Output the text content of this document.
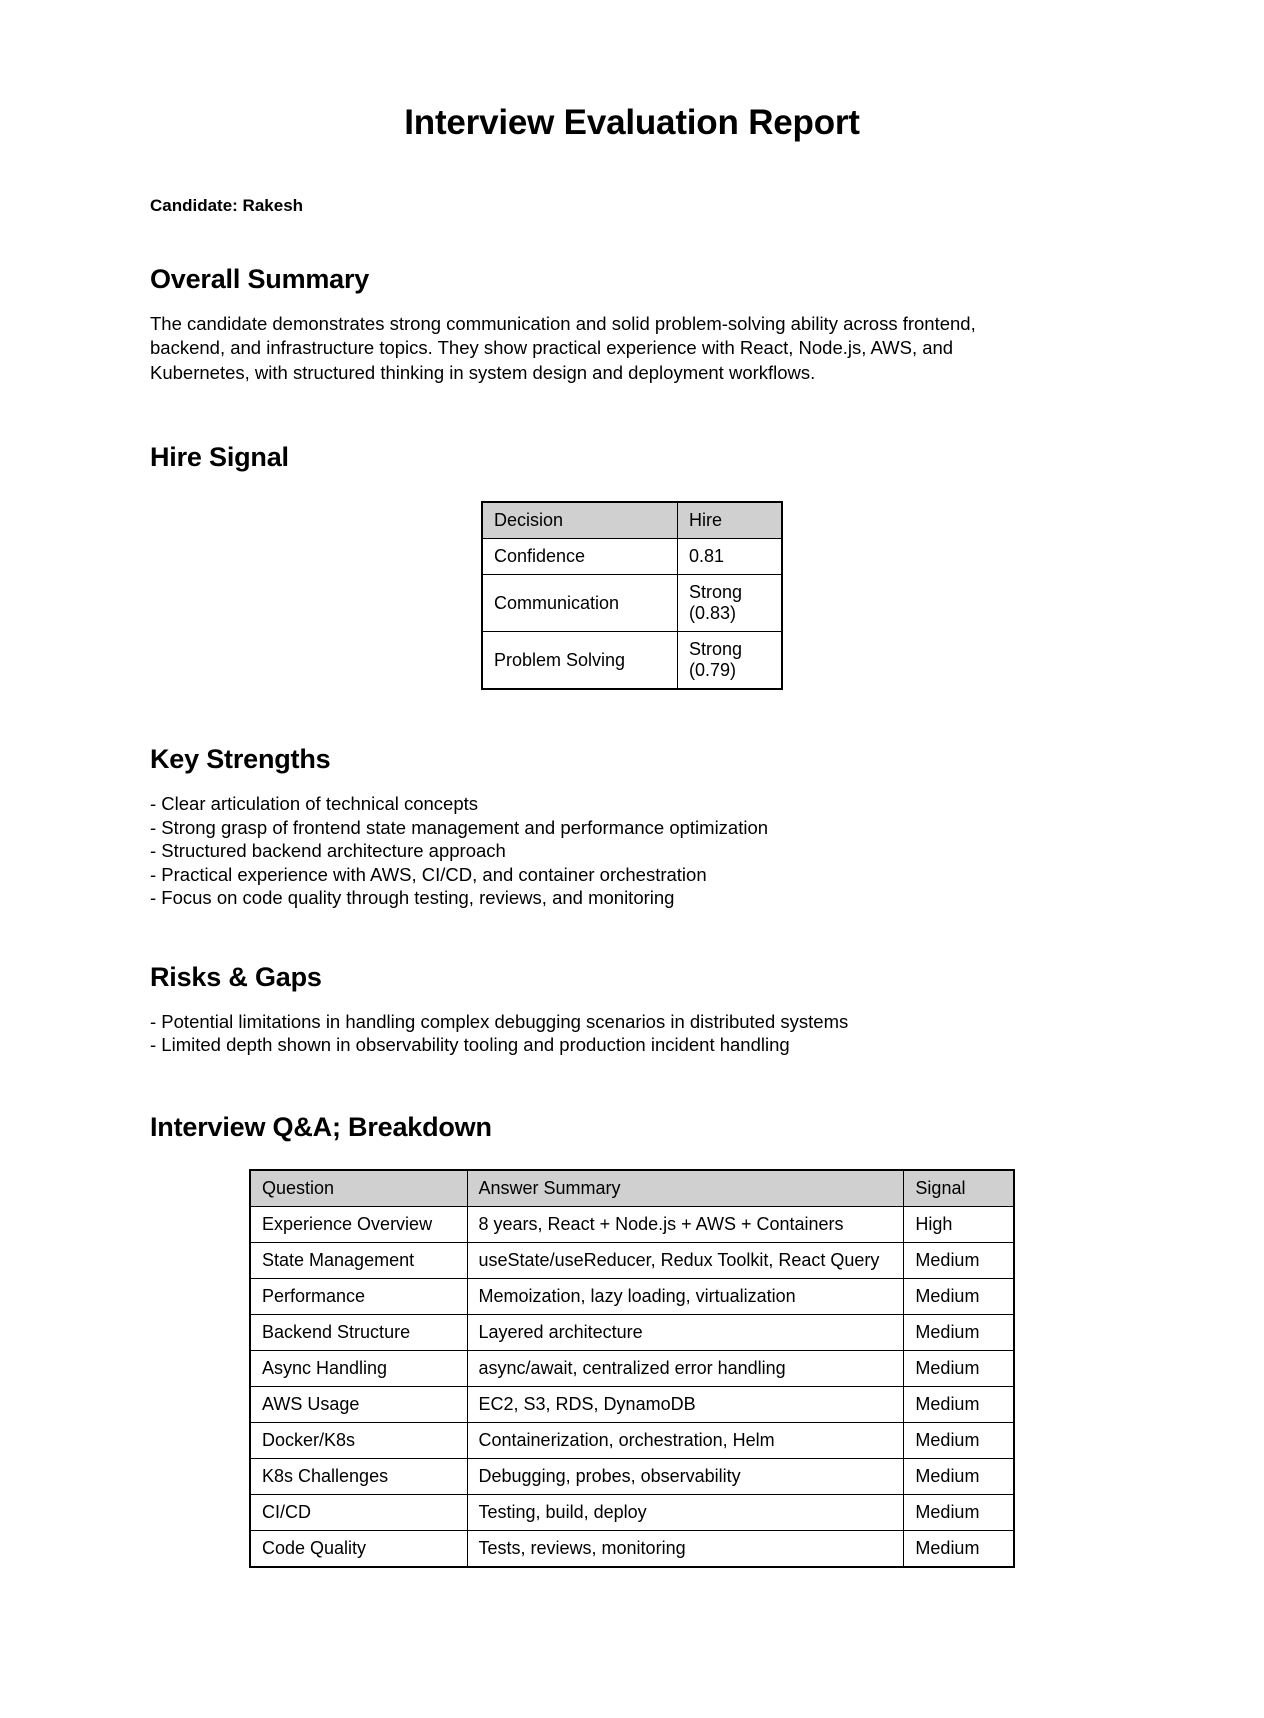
Interview Evaluation Report

Candidate: Rakesh

Overall Summary

The candidate demonstrates strong communication and solid problem-solving ability across frontend, backend, and infrastructure topics. They show practical experience with React, Node.js, AWS, and Kubernetes, with structured thinking in system design and deployment workflows.

Hire Signal
Decision	Hire
Confidence	0.81
Communication	Strong (0.83)
Problem Solving	Strong (0.79)
Key Strengths
- Clear articulation of technical concepts
- Strong grasp of frontend state management and performance optimization
- Structured backend architecture approach
- Practical experience with AWS, CI/CD, and container orchestration
- Focus on code quality through testing, reviews, and monitoring
Risks & Gaps
- Potential limitations in handling complex debugging scenarios in distributed systems
- Limited depth shown in observability tooling and production incident handling
Interview Q&A; Breakdown
Question	Answer Summary	Signal
Experience Overview	8 years, React + Node.js + AWS + Containers	High
State Management	useState/useReducer, Redux Toolkit, React Query	Medium
Performance	Memoization, lazy loading, virtualization	Medium
Backend Structure	Layered architecture	Medium
Async Handling	async/await, centralized error handling	Medium
AWS Usage	EC2, S3, RDS, DynamoDB	Medium
Docker/K8s	Containerization, orchestration, Helm	Medium
K8s Challenges	Debugging, probes, observability	Medium
CI/CD	Testing, build, deploy	Medium
Code Quality	Tests, reviews, monitoring	Medium
